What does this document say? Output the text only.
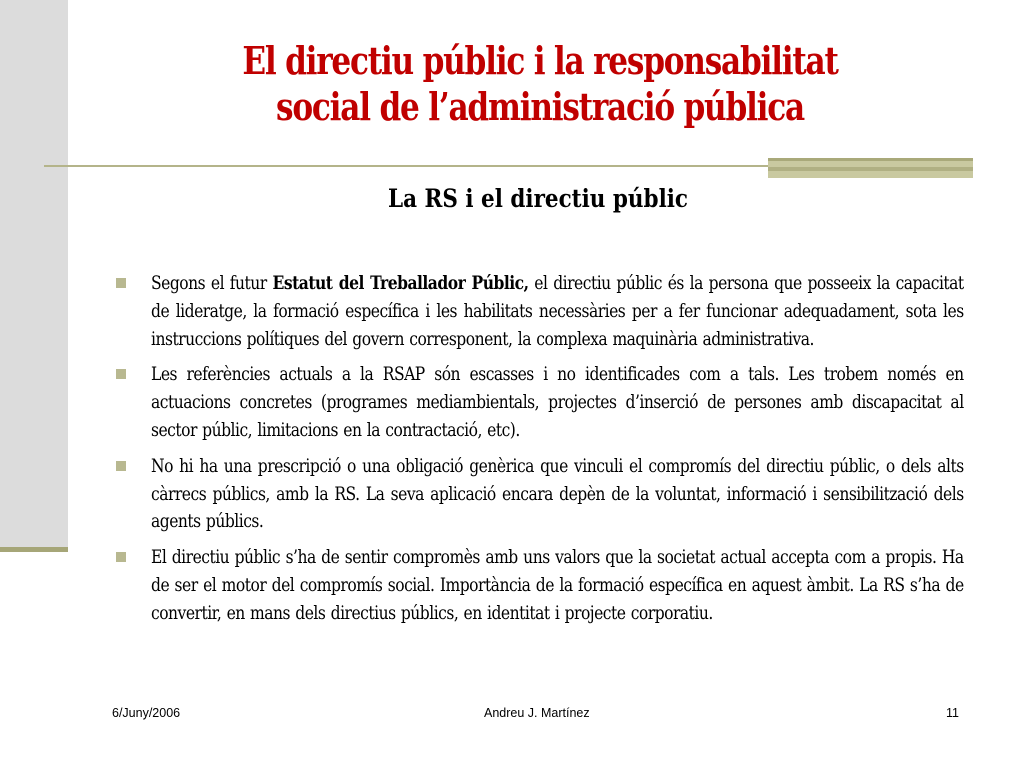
El directiu públic i la responsabilitat social de l’administració pública
La RS i el directiu públic
Segons el futur Estatut del Treballador Públic, el directiu públic és la persona que posseeix la capacitat de lideratge, la formació específica i les habilitats necessàries per a fer funcionar adequadament, sota les instruccions polítiques del govern corresponent, la complexa maquinària administrativa.
Les referències actuals a la RSAP són escasses i no identificades com a tals. Les trobem només en actuacions concretes (programes mediambientals, projectes d’inserció de persones amb discapacitat al sector públic, limitacions en la contractació, etc).
No hi ha una prescripció o una obligació genèrica que vinculi el compromís del directiu públic, o dels alts càrrecs públics, amb la RS. La seva aplicació encara depèn de la voluntat, informació i sensibilització dels agents públics.
El directiu públic s’ha de sentir compromès amb uns valors que la societat actual accepta com a propis. Ha de ser el motor del compromís social. Importància de la formació específica en aquest àmbit. La RS s’ha de convertir, en mans dels directius públics, en identitat i projecte corporatiu.
6/Juny/2006	Andreu J. Martínez	11
